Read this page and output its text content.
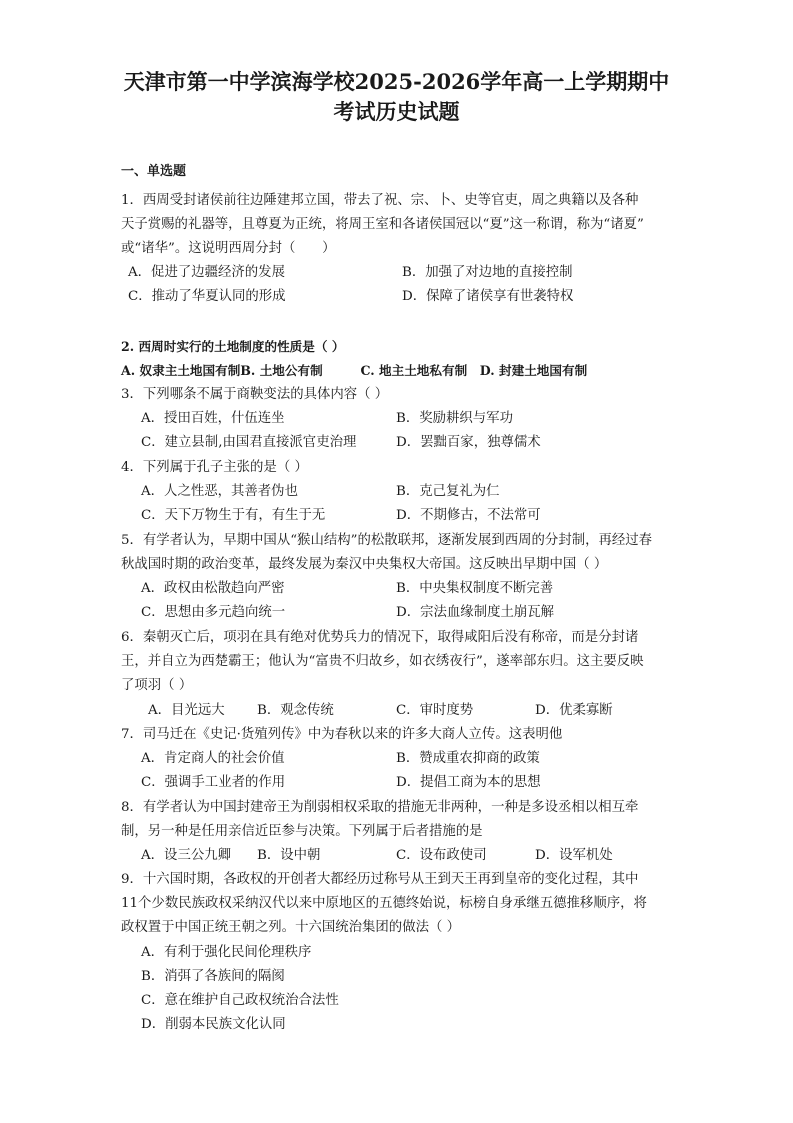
天津市第一中学滨海学校2025-2026学年高一上学期期中
考试历史试题
一、单选题
1．西周受封诸侯前往边陲建邦立国，带去了祝、宗、卜、史等官吏，周之典籍以及各种
天子赏赐的礼器等，且尊夏为正统，将周王室和各诸侯国冠以“夏”这一称谓，称为“诸夏”
或“诸华”。这说明西周分封（　　）
A．促进了边疆经济的发展	B．加强了对边地的直接控制
C．推动了华夏认同的形成	D．保障了诸侯享有世袭特权
2. 西周时实行的土地制度的性质是（ ）
A. 奴隶主土地国有制B. 土地公有制　　　C. 地主土地私有制　D. 封建土地国有制
3．下列哪条不属于商鞅变法的具体内容（ ）
A．授田百姓，什伍连坐	B．奖励耕织与军功
C．建立县制,由国君直接派官吏治理	D．罢黜百家，独尊儒术
4．下列属于孔子主张的是（ ）
A．人之性恶，其善者伪也	B．克己复礼为仁
C．天下万物生于有，有生于无	D．不期修古，不法常可
5．有学者认为，早期中国从“猴山结构”的松散联邦，逐渐发展到西周的分封制，再经过春
秋战国时期的政治变革，最终发展为秦汉中央集权大帝国。这反映出早期中国（ ）
A．政权由松散趋向严密	B．中央集权制度不断完善
C．思想由多元趋向统一	D．宗法血缘制度土崩瓦解
6．秦朝灭亡后，项羽在具有绝对优势兵力的情况下，取得咸阳后没有称帝，而是分封诸
王，并自立为西楚霸王；他认为“富贵不归故乡，如衣绣夜行”，遂率部东归。这主要反映
了项羽（ ）
A．目光远大 B．观念传统	C．审时度势	D．优柔寡断
7．司马迁在《史记·货殖列传》中为春秋以来的许多大商人立传。这表明他
A．肯定商人的社会价值	B．赞成重农抑商的政策
C．强调手工业者的作用	D．提倡工商为本的思想
8．有学者认为中国封建帝王为削弱相权采取的措施无非两种，一种是多设丞相以相互牵
制，另一种是任用亲信近臣参与决策。下列属于后者措施的是
A．设三公九卿 B．设中朝	C．设布政使司	D．设军机处
9．十六国时期，各政权的开创者大都经历过称号从王到天王再到皇帝的变化过程，其中
11个少数民族政权采纳汉代以来中原地区的五德终始说，标榜自身承继五德推移顺序，将
政权置于中国正统王朝之列。十六国统治集团的做法（ ）
A．有利于强化民间伦理秩序
B．消弭了各族间的隔阂
C．意在维护自己政权统治合法性
D．削弱本民族文化认同
